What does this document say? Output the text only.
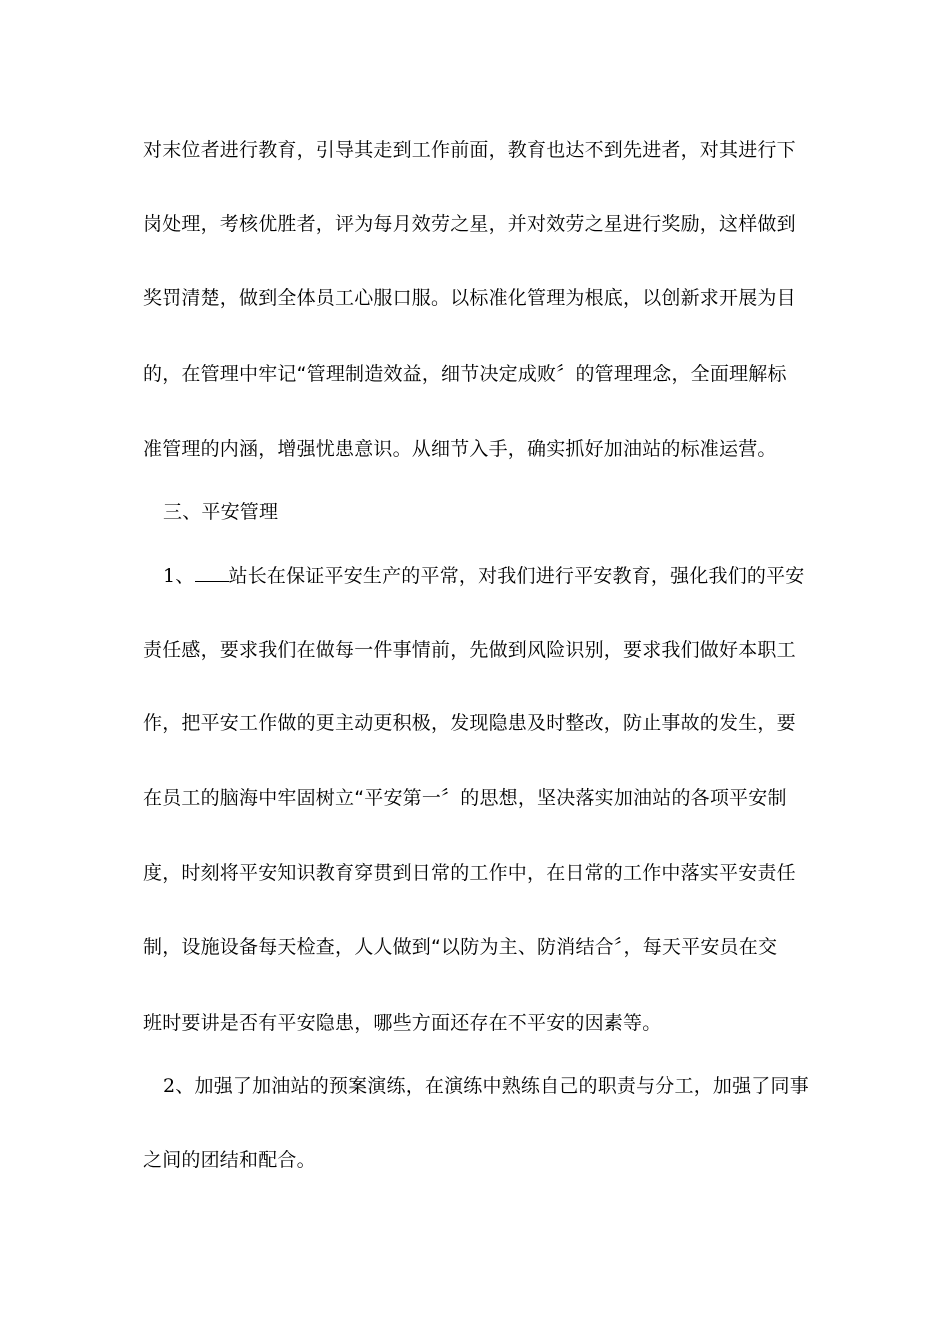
对末位者进行教育，引导其走到工作前面，教育也达不到先进者，对其进行下
岗处理，考核优胜者，评为每月效劳之星，并对效劳之星进行奖励，这样做到
奖罚清楚，做到全体员工心服口服。以标准化管理为根底，以创新求开展为目
的，在管理中牢记“管理制造效益，细节决定成败〞的管理理念，全面理解标
准管理的内涵，增强忧患意识。从细节入手，确实抓好加油站的标准运营。
三、平安管理
1、 站长在保证平安生产的平常，对我们进行平安教育，强化我们的平安
责任感，要求我们在做每一件事情前，先做到风险识别，要求我们做好本职工
作，把平安工作做的更主动更积极，发现隐患及时整改，防止事故的发生，要
在员工的脑海中牢固树立“平安第一〞的思想，坚决落实加油站的各项平安制
度，时刻将平安知识教育穿贯到日常的工作中，在日常的工作中落实平安责任
制，设施设备每天检查，人人做到“以防为主、防消结合〞，每天平安员在交
班时要讲是否有平安隐患，哪些方面还存在不平安的因素等。
2、加强了加油站的预案演练，在演练中熟练自己的职责与分工，加强了同事
之间的团结和配合。
